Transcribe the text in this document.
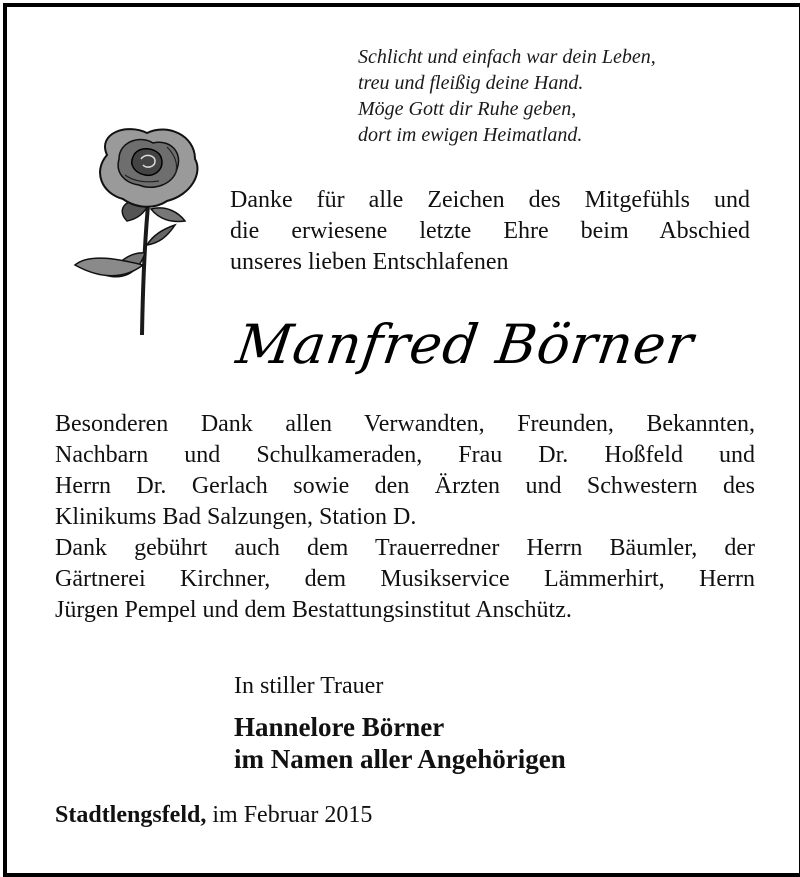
Schlicht und einfach war dein Leben,
treu und fleißig deine Hand.
Möge Gott dir Ruhe geben,
dort im ewigen Heimatland.
Danke für alle Zeichen des Mitgefühls und
die erwiesene letzte Ehre beim Abschied
unseres lieben Entschlafenen
Manfred Börner
Besonderen Dank allen Verwandten, Freunden, Bekannten,
Nachbarn und Schulkameraden, Frau Dr. Hoßfeld und
Herrn Dr. Gerlach sowie den Ärzten und Schwestern des
Klinikums Bad Salzungen, Station D.
Dank gebührt auch dem Trauerredner Herrn Bäumler, der
Gärtnerei Kirchner, dem Musikservice Lämmerhirt, Herrn
Jürgen Pempel und dem Bestattungsinstitut Anschütz.
In stiller Trauer
Hannelore Börner
im Namen aller Angehörigen
Stadtlengsfeld, im Februar 2015
